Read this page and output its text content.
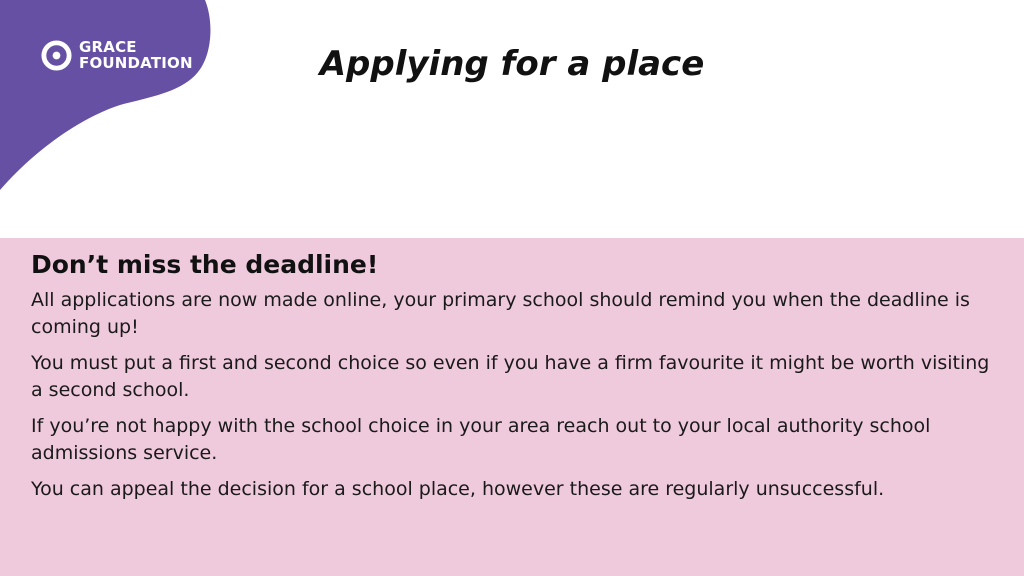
GRACE
FOUNDATION	Applying for a place
Don’t miss the deadline!

All applications are now made online, your primary school should remind you when the deadline is coming up!

You must put a first and second choice so even if you have a firm favourite it might be worth visiting a second school.

If you’re not happy with the school choice in your area reach out to your local authority school admissions service.

You can appeal the decision for a school place, however these are regularly unsuccessful.
